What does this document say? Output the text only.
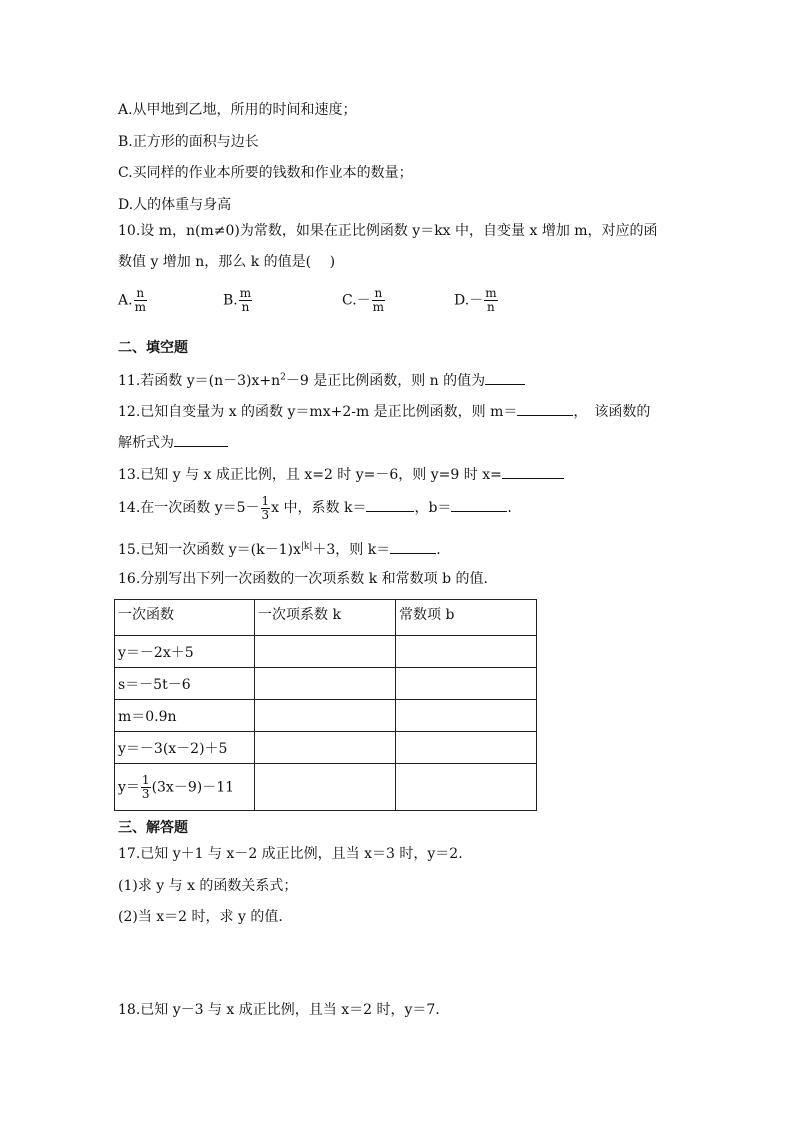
A.从甲地到乙地，所用的时间和速度；
B.正方形的面积与边长
C.买同样的作业本所要的钱数和作业本的数量；
D.人的体重与身高
10.设 m，n(m≠0)为常数，如果在正比例函数 y＝kx 中，自变量 x 增加 m，对应的函
数值 y 增加 n，那么 k 的值是(　 )
A. $\frac{n}{m}$	B. $\frac{m}{n}$	$C.- \frac{n}{m}$	$D.- \frac{m}{n}$
二、填空题
11.若函数 $y=(n-3)x+n^2-9$ 是正比例函数，则 n 的值为
12.已知自变量为 x 的函数 y＝mx+2-m 是正比例函数，则 m＝	，　该函数的
解析式为
13.已知 y 与 x 成正比例，且 x=2 时 y=－6，则 y=9 时 x=
14.在一次函数 $y=5- \frac{1}{3}$ x 中，系数 k＝	，b＝	.
15.已知一次函数 $y=(k-1)x^{|k|}+3$，则 k＝	.
16.分别写出下列一次函数的一次项系数 k 和常数项 b 的值.
一次函数	一次项系数 k	常数项 b
y＝－2x＋5		
s＝－5t－6		
m＝0.9n		
y＝－3(x－2)＋5		
$y= \frac{1}{3} (3x-9)-11$		
三、解答题
17.已知 y＋1 与 x－2 成正比例，且当 x＝3 时，y＝2.
(1)求 y 与 x 的函数关系式；
(2)当 x＝2 时，求 y 的值.
18.已知 y－3 与 x 成正比例，且当 x＝2 时，y＝7.
